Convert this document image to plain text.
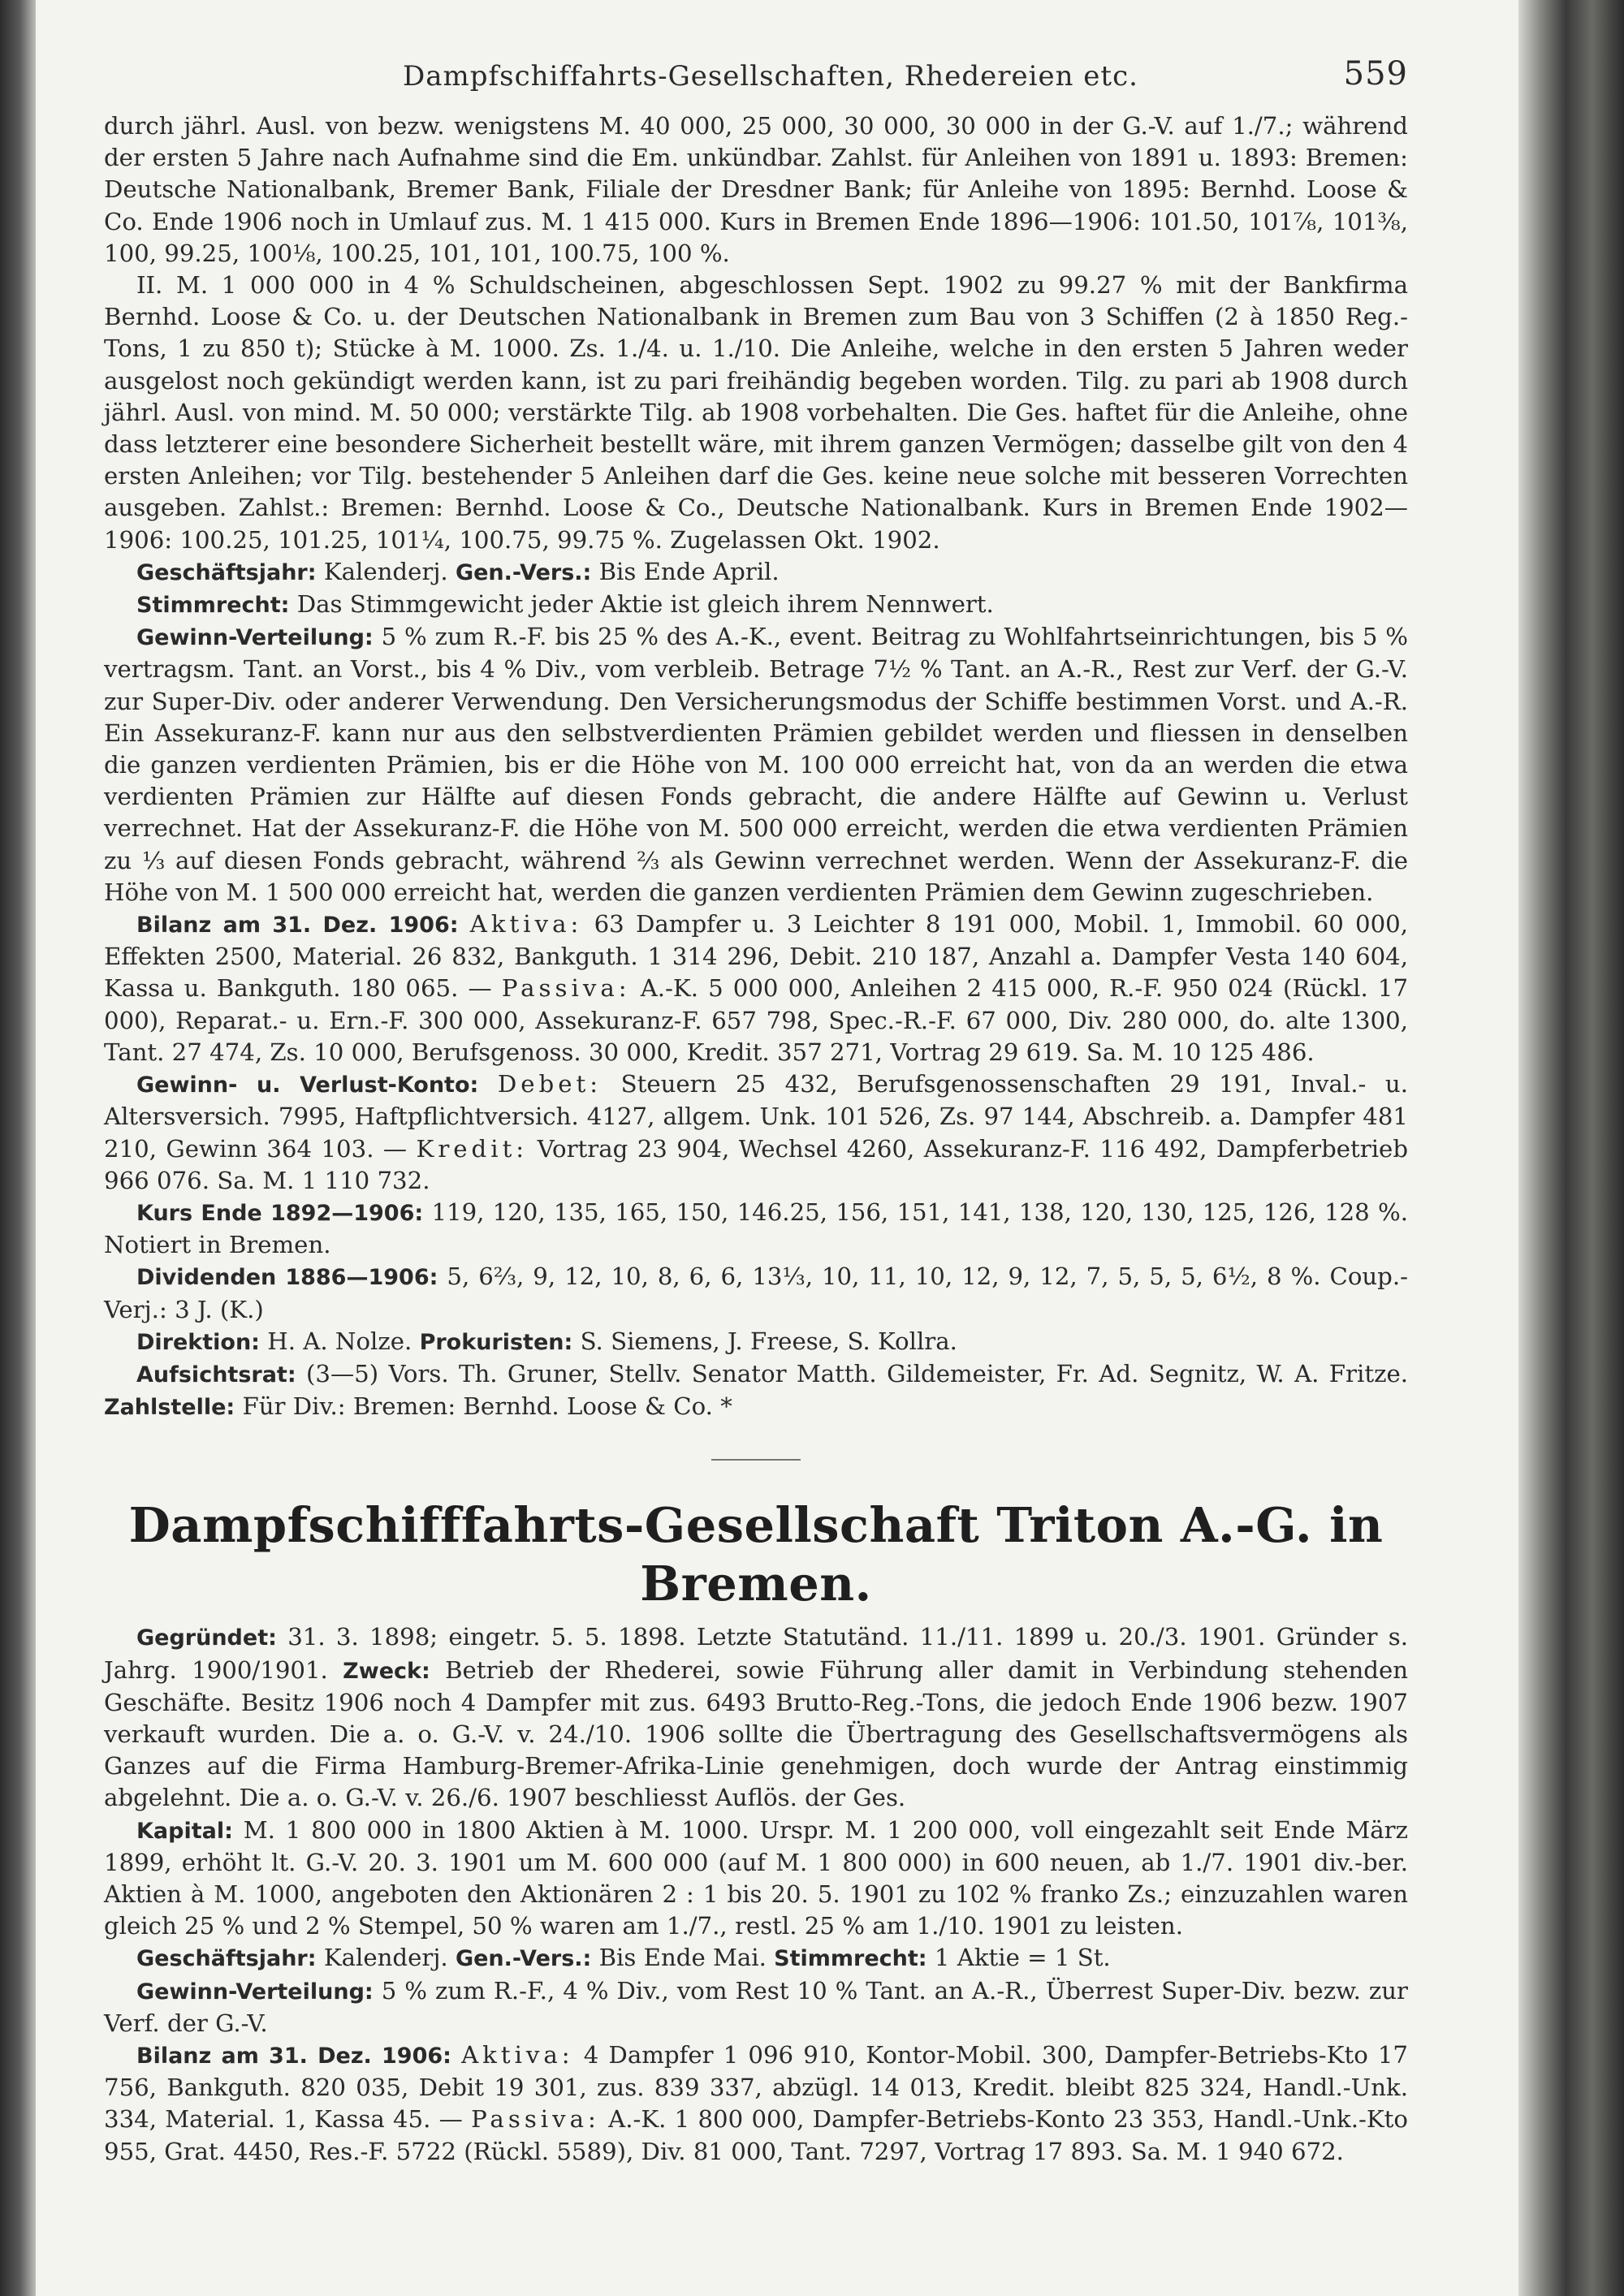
Dampfschiffahrts-Gesellschaften, Rhedereien etc.	559

durch jährl. Ausl. von bezw. wenigstens M. 40 000, 25 000, 30 000, 30 000 in der G.-V. auf 1./7.; während der ersten 5 Jahre nach Aufnahme sind die Em. unkündbar. Zahlst. für Anleihen von 1891 u. 1893: Bremen: Deutsche Nationalbank, Bremer Bank, Filiale der Dresdner Bank; für Anleihe von 1895: Bernhd. Loose & Co. Ende 1906 noch in Umlauf zus. M. 1 415 000. Kurs in Bremen Ende 1896—1906: 101.50, 101⅞, 101⅜, 100, 99.25, 100⅛, 100.25, 101, 101, 100.75, 100 %.

II. M. 1 000 000 in 4 % Schuldscheinen, abgeschlossen Sept. 1902 zu 99.27 % mit der Bankfirma Bernhd. Loose & Co. u. der Deutschen Nationalbank in Bremen zum Bau von 3 Schiffen (2 à 1850 Reg.-Tons, 1 zu 850 t); Stücke à M. 1000. Zs. 1./4. u. 1./10. Die Anleihe, welche in den ersten 5 Jahren weder ausgelost noch gekündigt werden kann, ist zu pari freihändig begeben worden. Tilg. zu pari ab 1908 durch jährl. Ausl. von mind. M. 50 000; verstärkte Tilg. ab 1908 vorbehalten. Die Ges. haftet für die Anleihe, ohne dass letzterer eine besondere Sicherheit bestellt wäre, mit ihrem ganzen Vermögen; dasselbe gilt von den 4 ersten Anleihen; vor Tilg. bestehender 5 Anleihen darf die Ges. keine neue solche mit besseren Vorrechten ausgeben. Zahlst.: Bremen: Bernhd. Loose & Co., Deutsche Nationalbank. Kurs in Bremen Ende 1902—1906: 100.25, 101.25, 101¼, 100.75, 99.75 %. Zugelassen Okt. 1902.

Geschäftsjahr: Kalenderj. Gen.-Vers.: Bis Ende April.

Stimmrecht: Das Stimmgewicht jeder Aktie ist gleich ihrem Nennwert.

Gewinn-Verteilung: 5 % zum R.-F. bis 25 % des A.-K., event. Beitrag zu Wohlfahrtseinrichtungen, bis 5 % vertragsm. Tant. an Vorst., bis 4 % Div., vom verbleib. Betrage 7½ % Tant. an A.-R., Rest zur Verf. der G.-V. zur Super-Div. oder anderer Verwendung. Den Versicherungsmodus der Schiffe bestimmen Vorst. und A.-R. Ein Assekuranz-F. kann nur aus den selbstverdienten Prämien gebildet werden und fliessen in denselben die ganzen verdienten Prämien, bis er die Höhe von M. 100 000 erreicht hat, von da an werden die etwa verdienten Prämien zur Hälfte auf diesen Fonds gebracht, die andere Hälfte auf Gewinn u. Verlust verrechnet. Hat der Assekuranz-F. die Höhe von M. 500 000 erreicht, werden die etwa verdienten Prämien zu ⅓ auf diesen Fonds gebracht, während ⅔ als Gewinn verrechnet werden. Wenn der Assekuranz-F. die Höhe von M. 1 500 000 erreicht hat, werden die ganzen verdienten Prämien dem Gewinn zugeschrieben.

Bilanz am 31. Dez. 1906: Aktiva: 63 Dampfer u. 3 Leichter 8 191 000, Mobil. 1, Immobil. 60 000, Effekten 2500, Material. 26 832, Bankguth. 1 314 296, Debit. 210 187, Anzahl a. Dampfer Vesta 140 604, Kassa u. Bankguth. 180 065. — Passiva: A.-K. 5 000 000, Anleihen 2 415 000, R.-F. 950 024 (Rückl. 17 000), Reparat.- u. Ern.-F. 300 000, Assekuranz-F. 657 798, Spec.-R.-F. 67 000, Div. 280 000, do. alte 1300, Tant. 27 474, Zs. 10 000, Berufsgenoss. 30 000, Kredit. 357 271, Vortrag 29 619. Sa. M. 10 125 486.

Gewinn- u. Verlust-Konto: Debet: Steuern 25 432, Berufsgenossenschaften 29 191, Inval.- u. Altersversich. 7995, Haftpflichtversich. 4127, allgem. Unk. 101 526, Zs. 97 144, Abschreib. a. Dampfer 481 210, Gewinn 364 103. — Kredit: Vortrag 23 904, Wechsel 4260, Assekuranz-F. 116 492, Dampferbetrieb 966 076. Sa. M. 1 110 732.

Kurs Ende 1892—1906: 119, 120, 135, 165, 150, 146.25, 156, 151, 141, 138, 120, 130, 125, 126, 128 %. Notiert in Bremen.

Dividenden 1886—1906: 5, 6⅔, 9, 12, 10, 8, 6, 6, 13⅓, 10, 11, 10, 12, 9, 12, 7, 5, 5, 5, 6½, 8 %. Coup.-Verj.: 3 J. (K.)

Direktion: H. A. Nolze. Prokuristen: S. Siemens, J. Freese, S. Kollra.

Aufsichtsrat: (3—5) Vors. Th. Gruner, Stellv. Senator Matth. Gildemeister, Fr. Ad. Segnitz, W. A. Fritze. Zahlstelle: Für Div.: Bremen: Bernhd. Loose & Co. *

Dampfschifffahrts-Gesellschaft Triton A.-G. in Bremen.

Gegründet: 31. 3. 1898; eingetr. 5. 5. 1898. Letzte Statutänd. 11./11. 1899 u. 20./3. 1901. Gründer s. Jahrg. 1900/1901. Zweck: Betrieb der Rhederei, sowie Führung aller damit in Verbindung stehenden Geschäfte. Besitz 1906 noch 4 Dampfer mit zus. 6493 Brutto-Reg.-Tons, die jedoch Ende 1906 bezw. 1907 verkauft wurden. Die a. o. G.-V. v. 24./10. 1906 sollte die Übertragung des Gesellschaftsvermögens als Ganzes auf die Firma Hamburg-Bremer-Afrika-Linie genehmigen, doch wurde der Antrag einstimmig abgelehnt. Die a. o. G.-V. v. 26./6. 1907 beschliesst Auflös. der Ges.

Kapital: M. 1 800 000 in 1800 Aktien à M. 1000. Urspr. M. 1 200 000, voll eingezahlt seit Ende März 1899, erhöht lt. G.-V. 20. 3. 1901 um M. 600 000 (auf M. 1 800 000) in 600 neuen, ab 1./7. 1901 div.-ber. Aktien à M. 1000, angeboten den Aktionären 2 : 1 bis 20. 5. 1901 zu 102 % franko Zs.; einzuzahlen waren gleich 25 % und 2 % Stempel, 50 % waren am 1./7., restl. 25 % am 1./10. 1901 zu leisten.

Geschäftsjahr: Kalenderj. Gen.-Vers.: Bis Ende Mai. Stimmrecht: 1 Aktie = 1 St.

Gewinn-Verteilung: 5 % zum R.-F., 4 % Div., vom Rest 10 % Tant. an A.-R., Überrest Super-Div. bezw. zur Verf. der G.-V.

Bilanz am 31. Dez. 1906: Aktiva: 4 Dampfer 1 096 910, Kontor-Mobil. 300, Dampfer-Betriebs-Kto 17 756, Bankguth. 820 035, Debit 19 301, zus. 839 337, abzügl. 14 013, Kredit. bleibt 825 324, Handl.-Unk. 334, Material. 1, Kassa 45. — Passiva: A.-K. 1 800 000, Dampfer-Betriebs-Konto 23 353, Handl.-Unk.-Kto 955, Grat. 4450, Res.-F. 5722 (Rückl. 5589), Div. 81 000, Tant. 7297, Vortrag 17 893. Sa. M. 1 940 672.
